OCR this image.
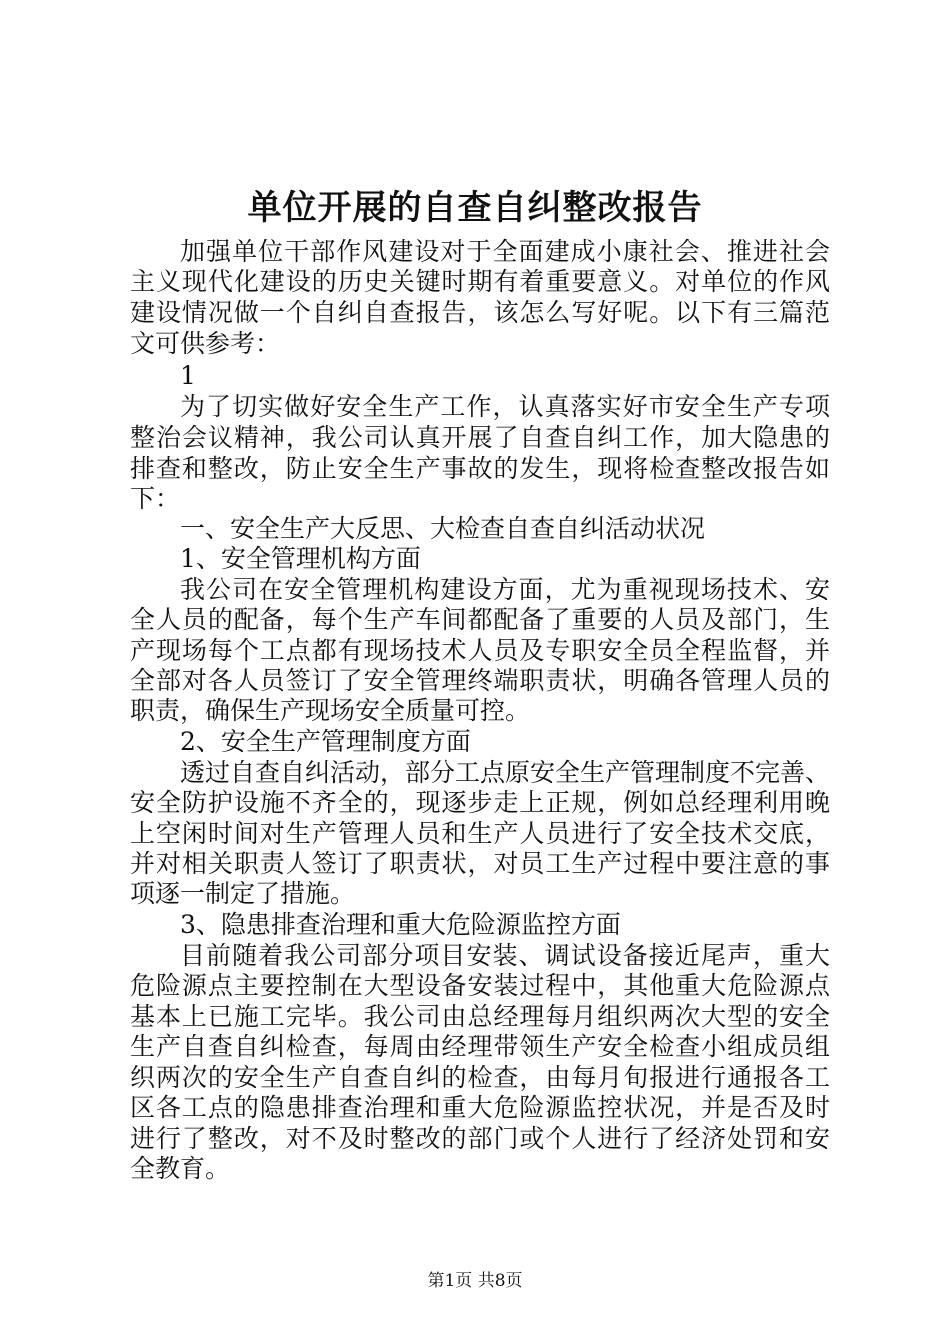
单位开展的自查自纠整改报告
加强单位干部作风建设对于全面建成小康社会、推进社会
主义现代化建设的历史关键时期有着重要意义。对单位的作风
建设情况做一个自纠自查报告，该怎么写好呢。以下有三篇范
文可供参考：
1
为了切实做好安全生产工作，认真落实好市安全生产专项
整治会议精神，我公司认真开展了自查自纠工作，加大隐患的
排查和整改，防止安全生产事故的发生，现将检查整改报告如
下：
一、安全生产大反思、大检查自查自纠活动状况
1、安全管理机构方面
我公司在安全管理机构建设方面，尤为重视现场技术、安
全人员的配备，每个生产车间都配备了重要的人员及部门，生
产现场每个工点都有现场技术人员及专职安全员全程监督，并
全部对各人员签订了安全管理终端职责状，明确各管理人员的
职责，确保生产现场安全质量可控。
2、安全生产管理制度方面
透过自查自纠活动，部分工点原安全生产管理制度不完善、
安全防护设施不齐全的，现逐步走上正规，例如总经理利用晚
上空闲时间对生产管理人员和生产人员进行了安全技术交底，
并对相关职责人签订了职责状，对员工生产过程中要注意的事
项逐一制定了措施。
3、隐患排查治理和重大危险源监控方面
目前随着我公司部分项目安装、调试设备接近尾声，重大
危险源点主要控制在大型设备安装过程中，其他重大危险源点
基本上已施工完毕。我公司由总经理每月组织两次大型的安全
生产自查自纠检查，每周由经理带领生产安全检查小组成员组
织两次的安全生产自查自纠的检查，由每月旬报进行通报各工
区各工点的隐患排查治理和重大危险源监控状况，并是否及时
进行了整改，对不及时整改的部门或个人进行了经济处罚和安
全教育。
第1页 共8页
